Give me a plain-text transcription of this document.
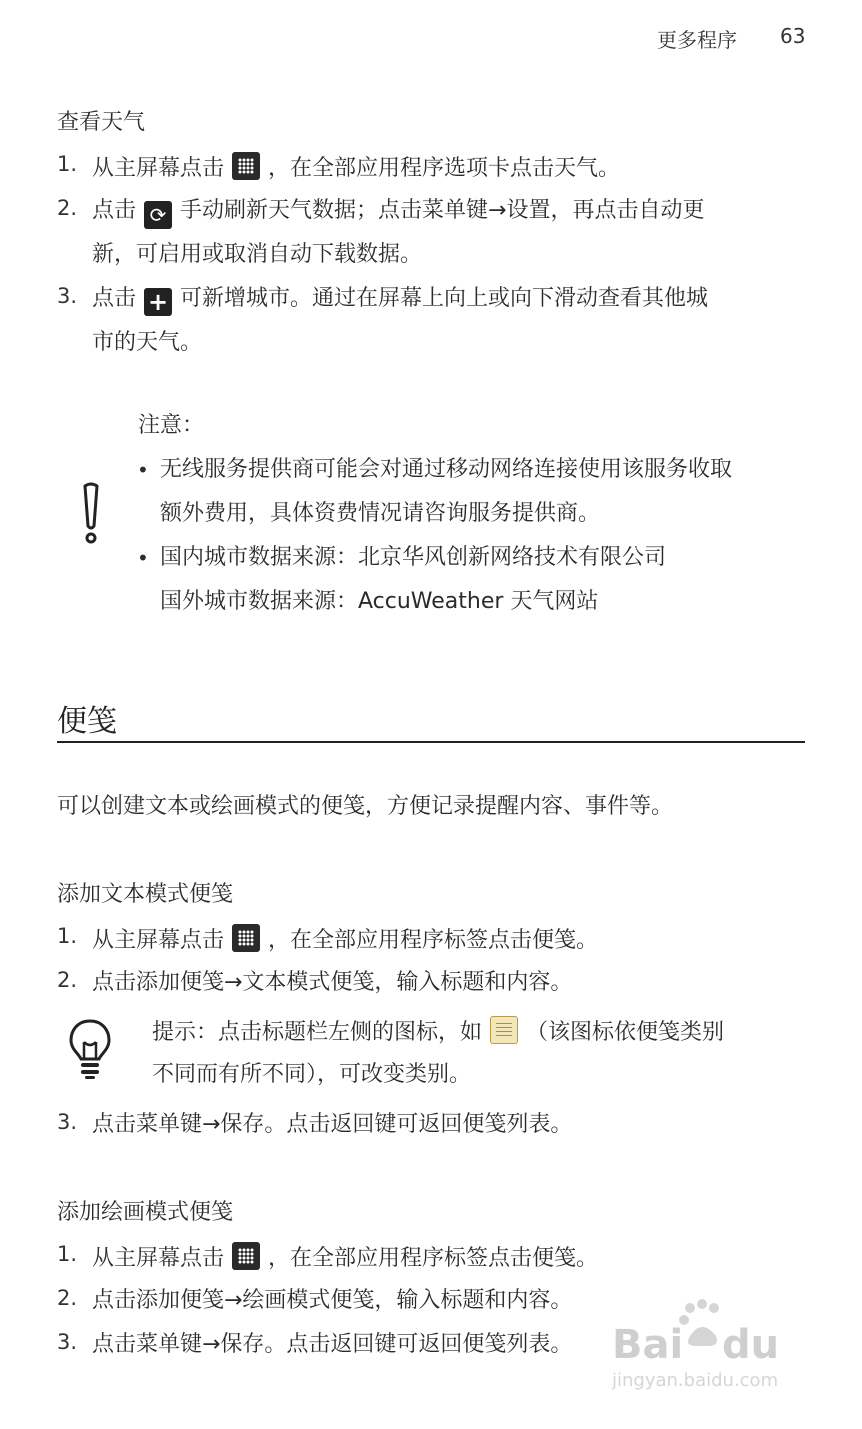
更多程序 63
查看天气
1. 从主屏幕点击 ，在全部应用程序选项卡点击天气。
2. 点击 ⟳ 手动刷新天气数据；点击菜单键→设置，再点击自动更
新，可启用或取消自动下载数据。
3. 点击 + 可新增城市。通过在屏幕上向上或向下滑动查看其他城
市的天气。
注意：
• 无线服务提供商可能会对通过移动网络连接使用该服务收取
额外费用，具体资费情况请咨询服务提供商。
• 国内城市数据来源：北京华风创新网络技术有限公司
国外城市数据来源：AccuWeather 天气网站
便笺
可以创建文本或绘画模式的便笺，方便记录提醒内容、事件等。
添加文本模式便笺
1. 从主屏幕点击 ，在全部应用程序标签点击便笺。
2. 点击添加便笺→文本模式便笺，输入标题和内容。
提示：点击标题栏左侧的图标，如 （该图标依便笺类别
不同而有所不同），可改变类别。
3. 点击菜单键→保存。点击返回键可返回便笺列表。
添加绘画模式便笺
1. 从主屏幕点击 ，在全部应用程序标签点击便笺。
2. 点击添加便笺→绘画模式便笺，输入标题和内容。
3. 点击菜单键→保存。点击返回键可返回便笺列表。 Bai du
jingyan.baidu.com
